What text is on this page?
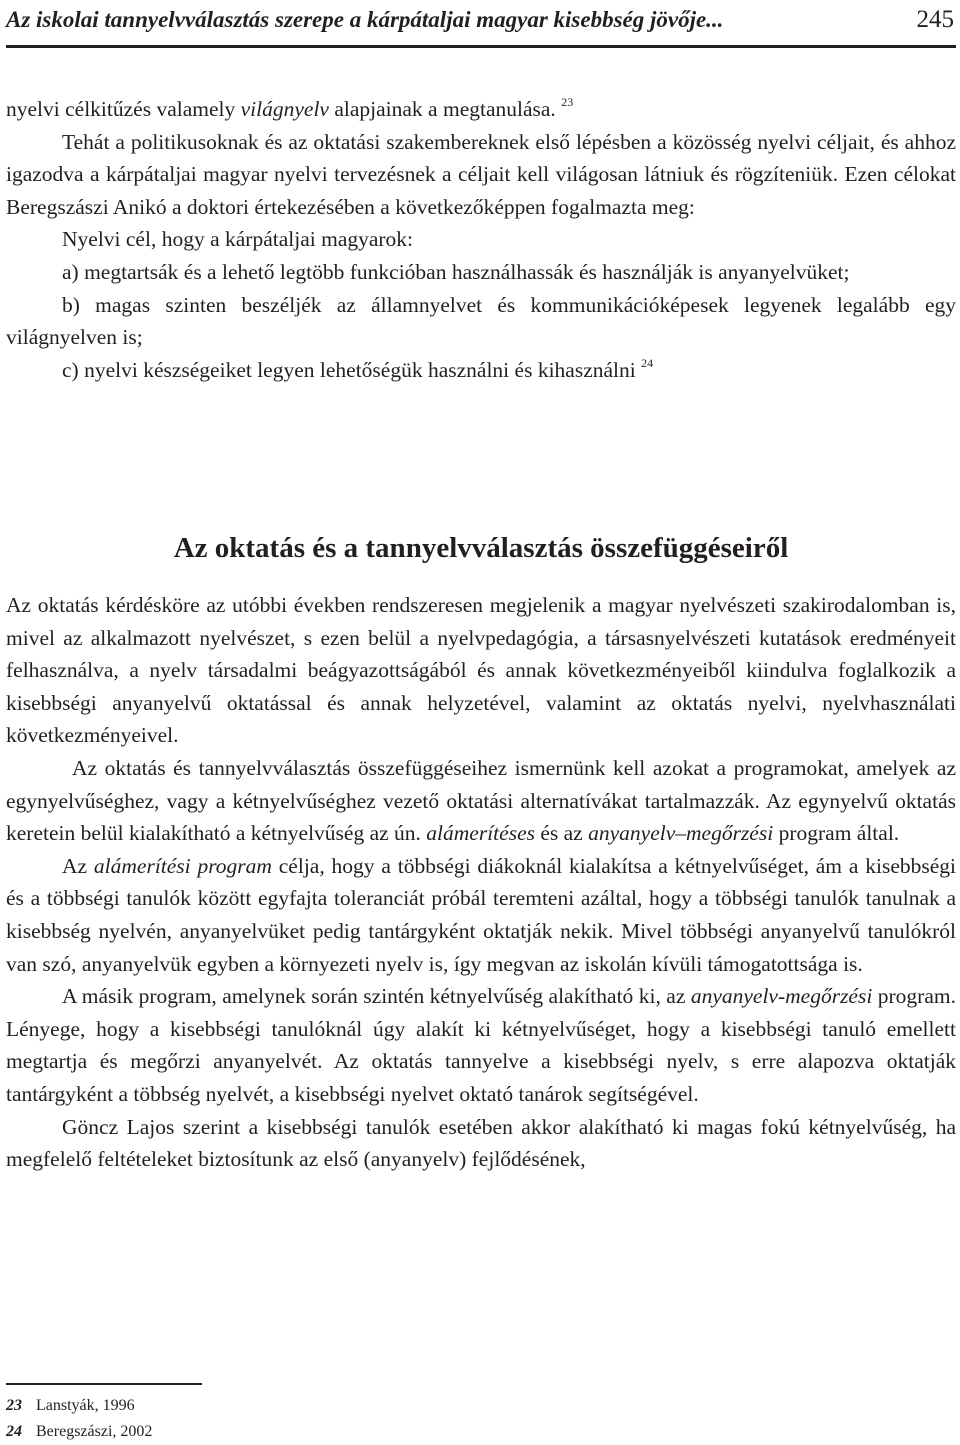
Az iskolai tannyelvválasztás szerepe a kárpátaljai magyar kisebbség jövője...	245

nyelvi célkitűzés valamely világnyelv alapjainak a megtanulása. $^{23}$

Tehát a politikusoknak és az oktatási szakembereknek első lépésben a közösség nyelvi céljait, és ahhoz igazodva a kárpátaljai magyar nyelvi tervezésnek a céljait kell világosan látniuk és rögzíteniük. Ezen célokat Beregszászi Anikó a doktori értekezésében a következőképpen fogalmazta meg:

Nyelvi cél, hogy a kárpátaljai magyarok:

a) megtartsák és a lehető legtöbb funkcióban használhassák és használják is anyanyelvüket;

b) magas szinten beszéljék az államnyelvet és kommunikációképesek legyenek legalább egy világnyelven is;

c) nyelvi készségeiket legyen lehetőségük használni és kihasználni $^{24}$

Az oktatás és a tannyelvválasztás összefüggéseiről

Az oktatás kérdésköre az utóbbi években rendszeresen megjelenik a magyar nyelvészeti szakirodalomban is, mivel az alkalmazott nyelvészet, s ezen belül a nyelvpedagógia, a társasnyelvészeti kutatások eredményeit felhasználva, a nyelv társadalmi beágyazottságából és annak következményeiből kiindulva foglalkozik a kisebbségi anyanyelvű oktatással és annak helyzetével, valamint az oktatás nyelvi, nyelvhasználati következményeivel.

Az oktatás és tannyelvválasztás összefüggéseihez ismernünk kell azokat a programokat, amelyek az egynyelvűséghez, vagy a kétnyelvűséghez vezető oktatási alternatívákat tartalmazzák. Az egynyelvű oktatás keretein belül kialakítható a kétnyelvűség az ún. alámerítéses és az anyanyelv–megőrzési program által.

Az alámerítési program célja, hogy a többségi diákoknál kialakítsa a kétnyelvűséget, ám a kisebbségi és a többségi tanulók között egyfajta toleranciát próbál teremteni azáltal, hogy a többségi tanulók tanulnak a kisebbség nyelvén, anyanyelvüket pedig tantárgyként oktatják nekik. Mivel többségi anyanyelvű tanulókról van szó, anyanyelvük egyben a környezeti nyelv is, így megvan az iskolán kívüli támogatottsága is.

A másik program, amelynek során szintén kétnyelvűség alakítható ki, az anyanyelv-megőrzési program. Lényege, hogy a kisebbségi tanulóknál úgy alakít ki kétnyelvűséget, hogy a kisebbségi tanuló emellett megtartja és megőrzi anyanyelvét. Az oktatás tannyelve a kisebbségi nyelv, s erre alapozva oktatják tantárgyként a többség nyelvét, a kisebbségi nyelvet oktató tanárok segítségével.

Göncz Lajos szerint a kisebbségi tanulók esetében akkor alakítható ki magas fokú kétnyelvűség, ha megfelelő feltételeket biztosítunk az első (anyanyelv) fejlődésének,

23 Lanstyák, 1996
24 Beregszászi, 2002
